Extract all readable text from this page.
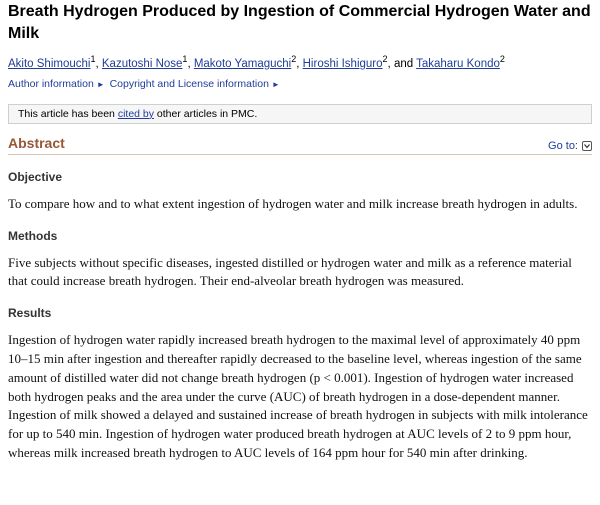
Breath Hydrogen Produced by Ingestion of Commercial Hydrogen Water and Milk
Akito Shimouchi$^1$, Kazutoshi Nose$^1$, Makoto Yamaguchi$^2$, Hiroshi Ishiguro$^2$, and Takaharu Kondo$^2$
Author information ► Copyright and License information ►
This article has been cited by other articles in PMC.
Abstract	Go to:
Objective
To compare how and to what extent ingestion of hydrogen water and milk increase breath hydrogen in adults.
Methods
Five subjects without specific diseases, ingested distilled or hydrogen water and milk as a reference material that could increase breath hydrogen. Their end-alveolar breath hydrogen was measured.
Results
Ingestion of hydrogen water rapidly increased breath hydrogen to the maximal level of approximately 40 ppm 10–15 min after ingestion and thereafter rapidly decreased to the baseline level, whereas ingestion of the same amount of distilled water did not change breath hydrogen (p < 0.001). Ingestion of hydrogen water increased both hydrogen peaks and the area under the curve (AUC) of breath hydrogen in a dose-dependent manner. Ingestion of milk showed a delayed and sustained increase of breath hydrogen in subjects with milk intolerance for up to 540 min. Ingestion of hydrogen water produced breath hydrogen at AUC levels of 2 to 9 ppm hour, whereas milk increased breath hydrogen to AUC levels of 164 ppm hour for 540 min after drinking.
